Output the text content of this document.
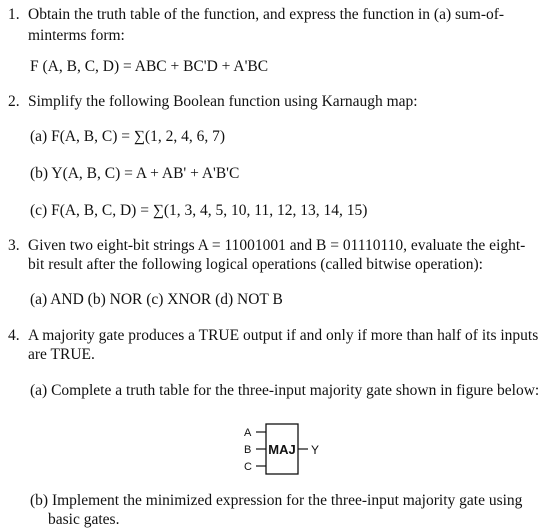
1. Obtain the truth table of the function, and express the function in (a) sum-of-
minterms form:
F (A, B, C, D) = ABC + BC'D + A'BC
2. Simplify the following Boolean function using Karnaugh map:
(a) F(A, B, C) = ∑(1, 2, 4, 6, 7)
(b) Y(A, B, C) = A + AB' + A'B'C
(c) F(A, B, C, D) = ∑(1, 3, 4, 5, 10, 11, 12, 13, 14, 15)
3. Given two eight-bit strings A = 11001001 and B = 01110110, evaluate the eight-
bit result after the following logical operations (called bitwise operation):
(a) AND (b) NOR (c) XNOR (d) NOT B
4. A majority gate produces a TRUE output if and only if more than half of its inputs
are TRUE.
(a) Complete a truth table for the three-input majority gate shown in figure below:
A
B
C
MAJ Y
(b) Implement the minimized expression for the three-input majority gate using
basic gates.
